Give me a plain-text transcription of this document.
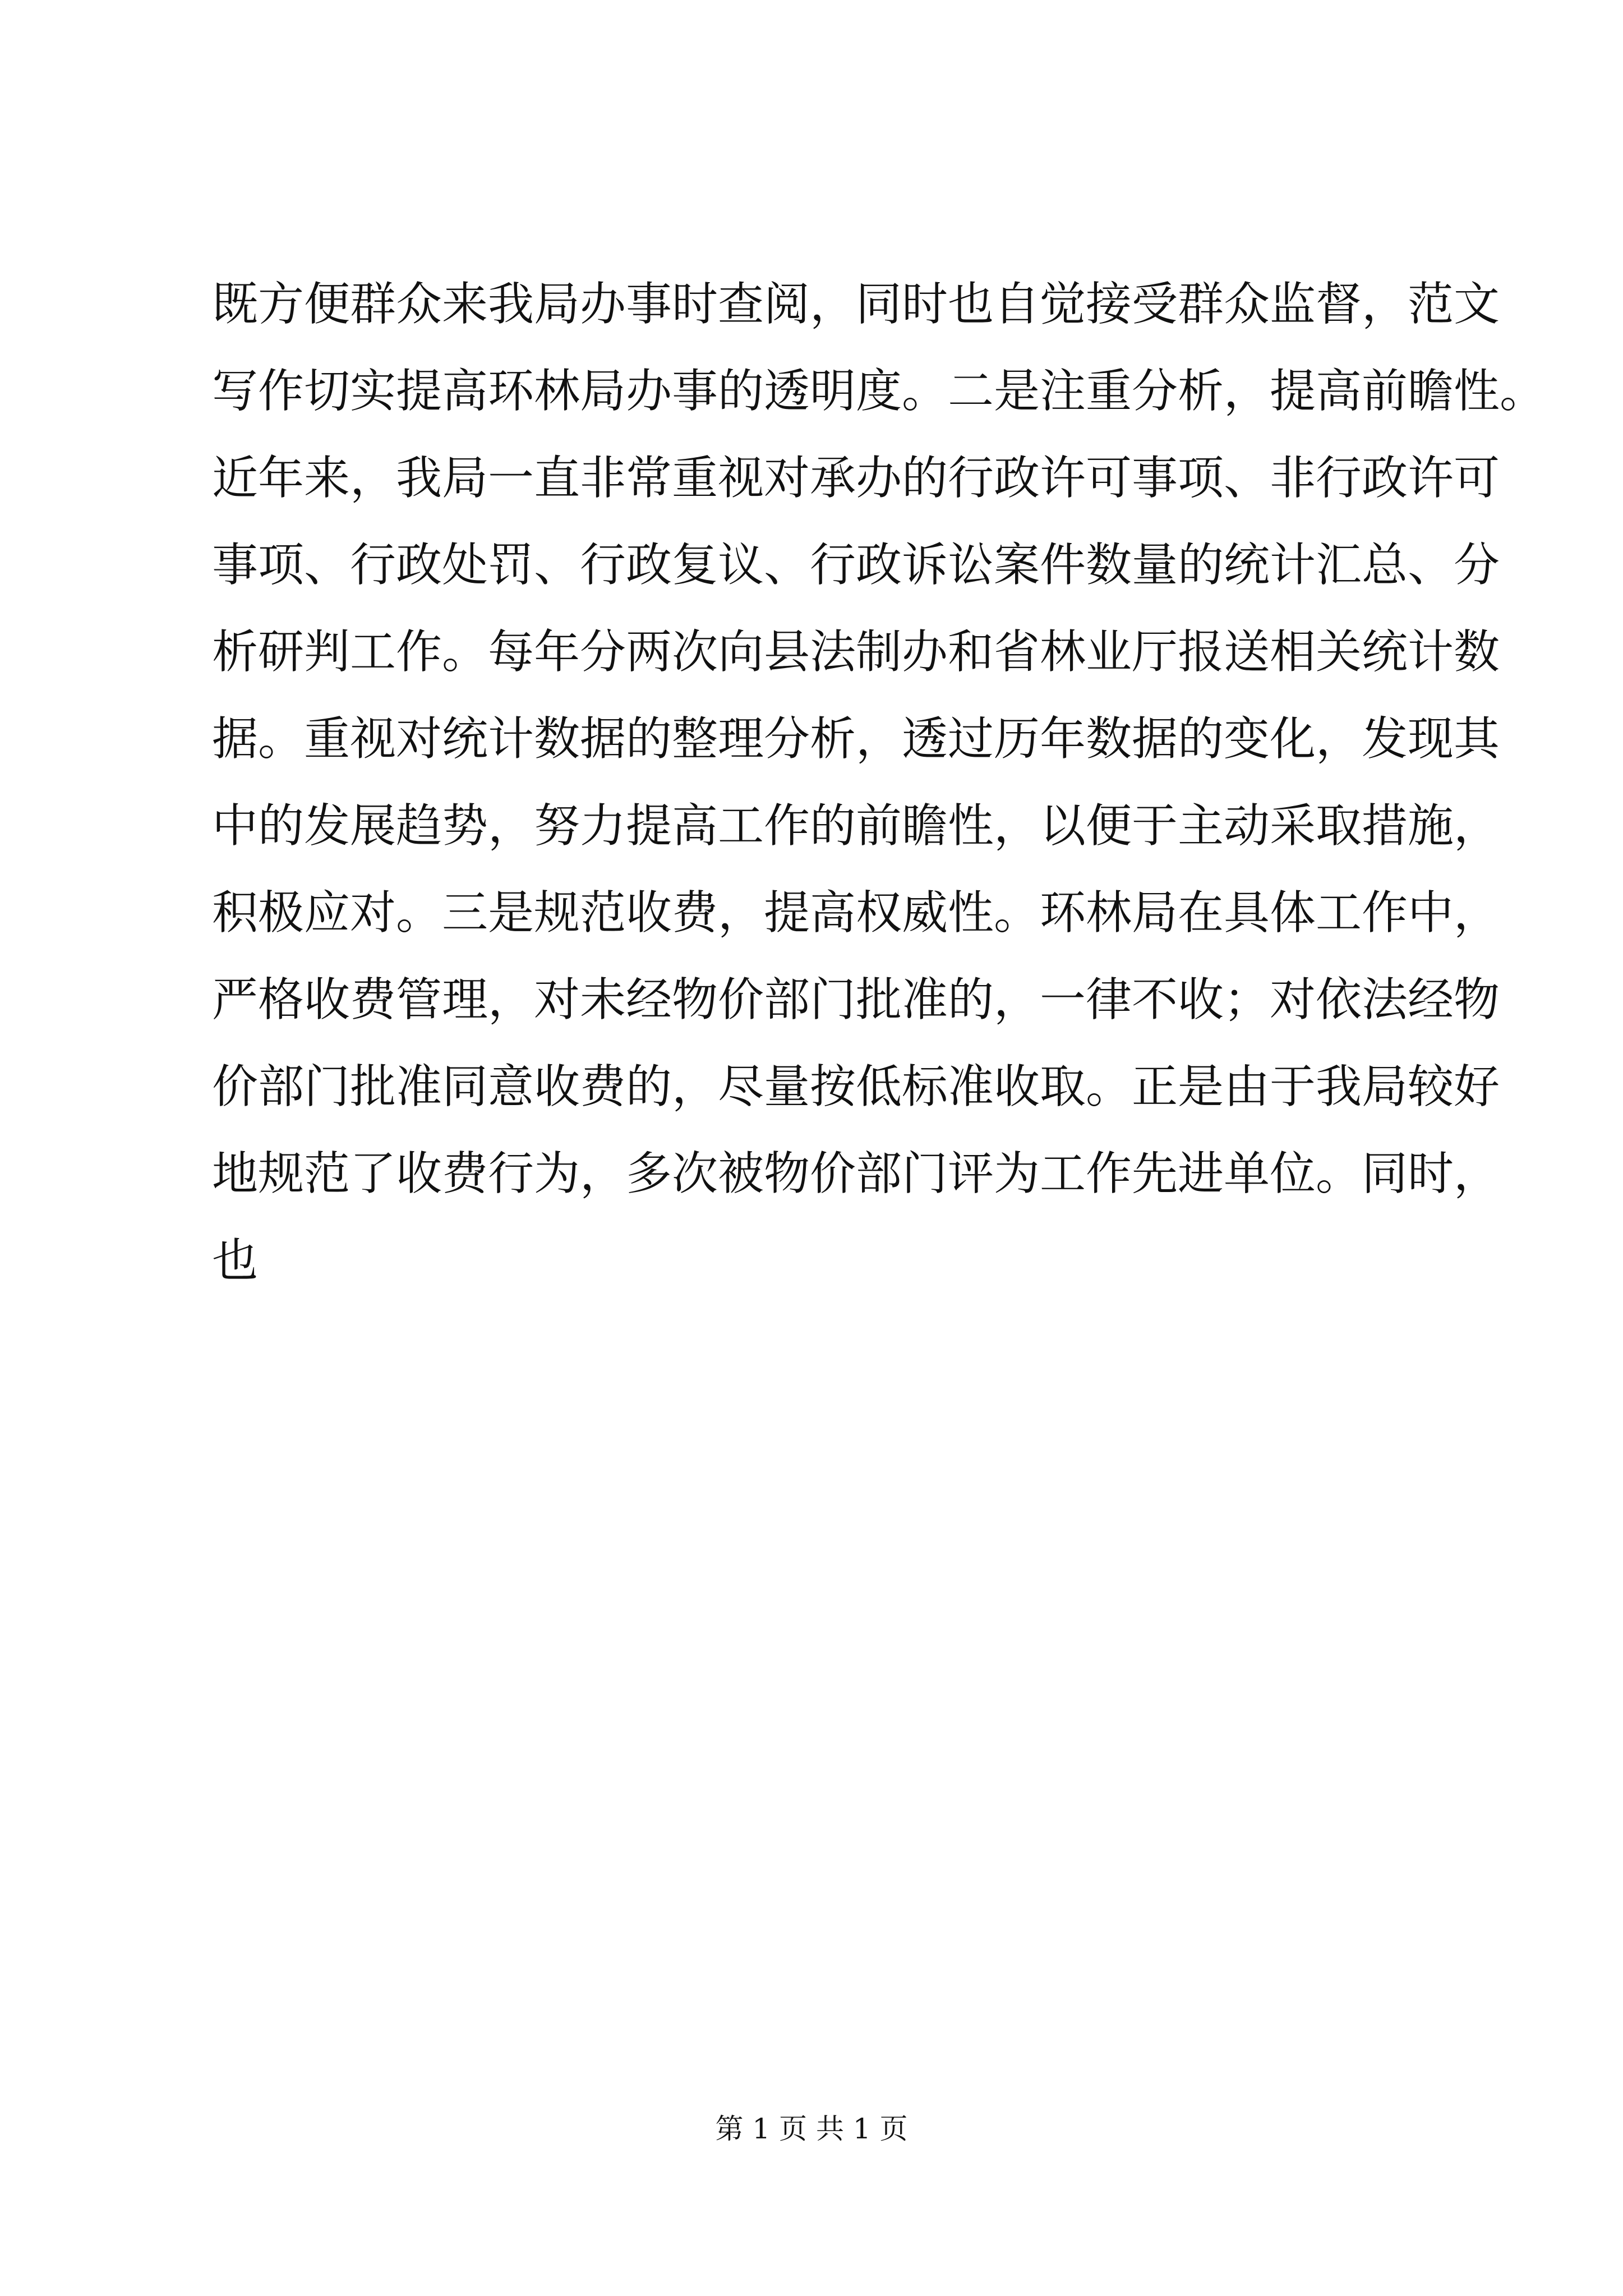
既方便群众来我局办事时查阅，同时也自觉接受群众监督，范文
写作切实提高环林局办事的透明度。二是注重分析，提高前瞻性。
近年来，我局一直非常重视对承办的行政许可事项、非行政许可
事项、行政处罚、行政复议、行政诉讼案件数量的统计汇总、分
析研判工作。每年分两次向县法制办和省林业厅报送相关统计数
据。重视对统计数据的整理分析，透过历年数据的变化，发现其
中的发展趋势，努力提高工作的前瞻性，以便于主动采取措施，
积极应对。三是规范收费，提高权威性。环林局在具体工作中，
严格收费管理，对未经物价部门批准的，一律不收；对依法经物
价部门批准同意收费的，尽量按低标准收取。正是由于我局较好
地规范了收费行为，多次被物价部门评为工作先进单位。同时，
也
第 1 页 共 1 页
